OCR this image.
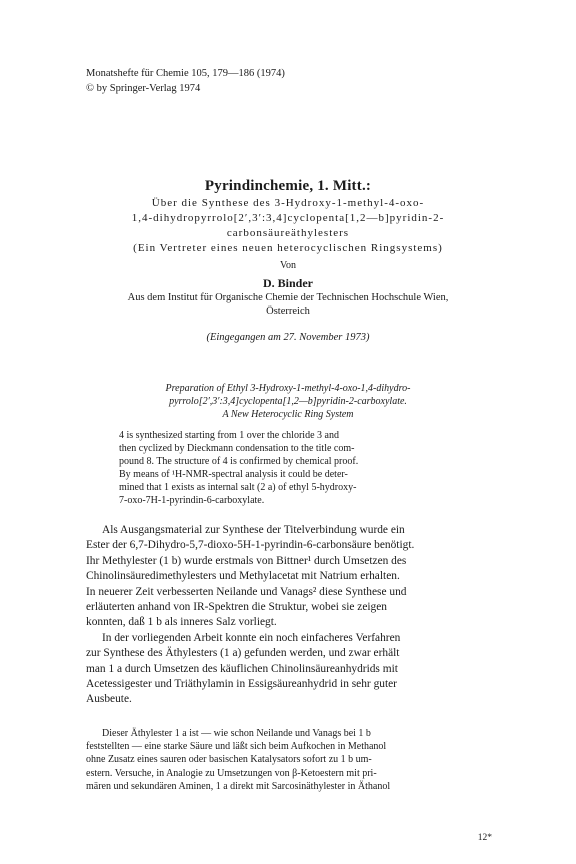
Monatshefte für Chemie 105, 179—186 (1974)
© by Springer-Verlag 1974
Pyrindinchemie, 1. Mitt.:
Über die Synthese des 3-Hydroxy-1-methyl-4-oxo-
1,4-dihydropyrrolo[2′,3′:3,4]cyclopenta[1,2—b]pyridin-2-
carbonsäureäthylesters
(Ein Vertreter eines neuen heterocyclischen Ringsystems)
Von
D. Binder
Aus dem Institut für Organische Chemie der Technischen Hochschule Wien,
Österreich
(Eingegangen am 27. November 1973)
Preparation of Ethyl 3-Hydroxy-1-methyl-4-oxo-1,4-dihydro-
pyrrolo[2′,3′:3,4]cyclopenta[1,2—b]pyridin-2-carboxylate.
A New Heterocyclic Ring System
4 is synthesized starting from 1 over the chloride 3 and
then cyclized by Dieckmann condensation to the title com-
pound 8. The structure of 4 is confirmed by chemical proof.
By means of ¹H-NMR-spectral analysis it could be deter-
mined that 1 exists as internal salt (2 a) of ethyl 5-hydroxy-
7-oxo-7H-1-pyrindin-6-carboxylate.
Als Ausgangsmaterial zur Synthese der Titelverbindung wurde ein
Ester der 6,7-Dihydro-5,7-dioxo-5H-1-pyrindin-6-carbonsäure benötigt.
Ihr Methylester (1 b) wurde erstmals von Bittner¹ durch Umsetzen des
Chinolinsäuredimethylesters und Methylacetat mit Natrium erhalten.
In neuerer Zeit verbesserten Neilande und Vanags² diese Synthese und
erläuterten anhand von IR-Spektren die Struktur, wobei sie zeigen
konnten, daß 1 b als inneres Salz vorliegt.
In der vorliegenden Arbeit konnte ein noch einfacheres Verfahren
zur Synthese des Äthylesters (1 a) gefunden werden, und zwar erhält
man 1 a durch Umsetzen des käuflichen Chinolinsäureanhydrids mit
Acetessigester und Triäthylamin in Essigsäureanhydrid in sehr guter
Ausbeute.
Dieser Äthylester 1 a ist — wie schon Neilande und Vanags bei 1 b
feststellten — eine starke Säure und läßt sich beim Aufkochen in Methanol
ohne Zusatz eines sauren oder basischen Katalysators sofort zu 1 b um-
estern. Versuche, in Analogie zu Umsetzungen von β-Ketoestern mit pri-
mären und sekundären Aminen, 1 a direkt mit Sarcosinäthylester in Äthanol
12*
